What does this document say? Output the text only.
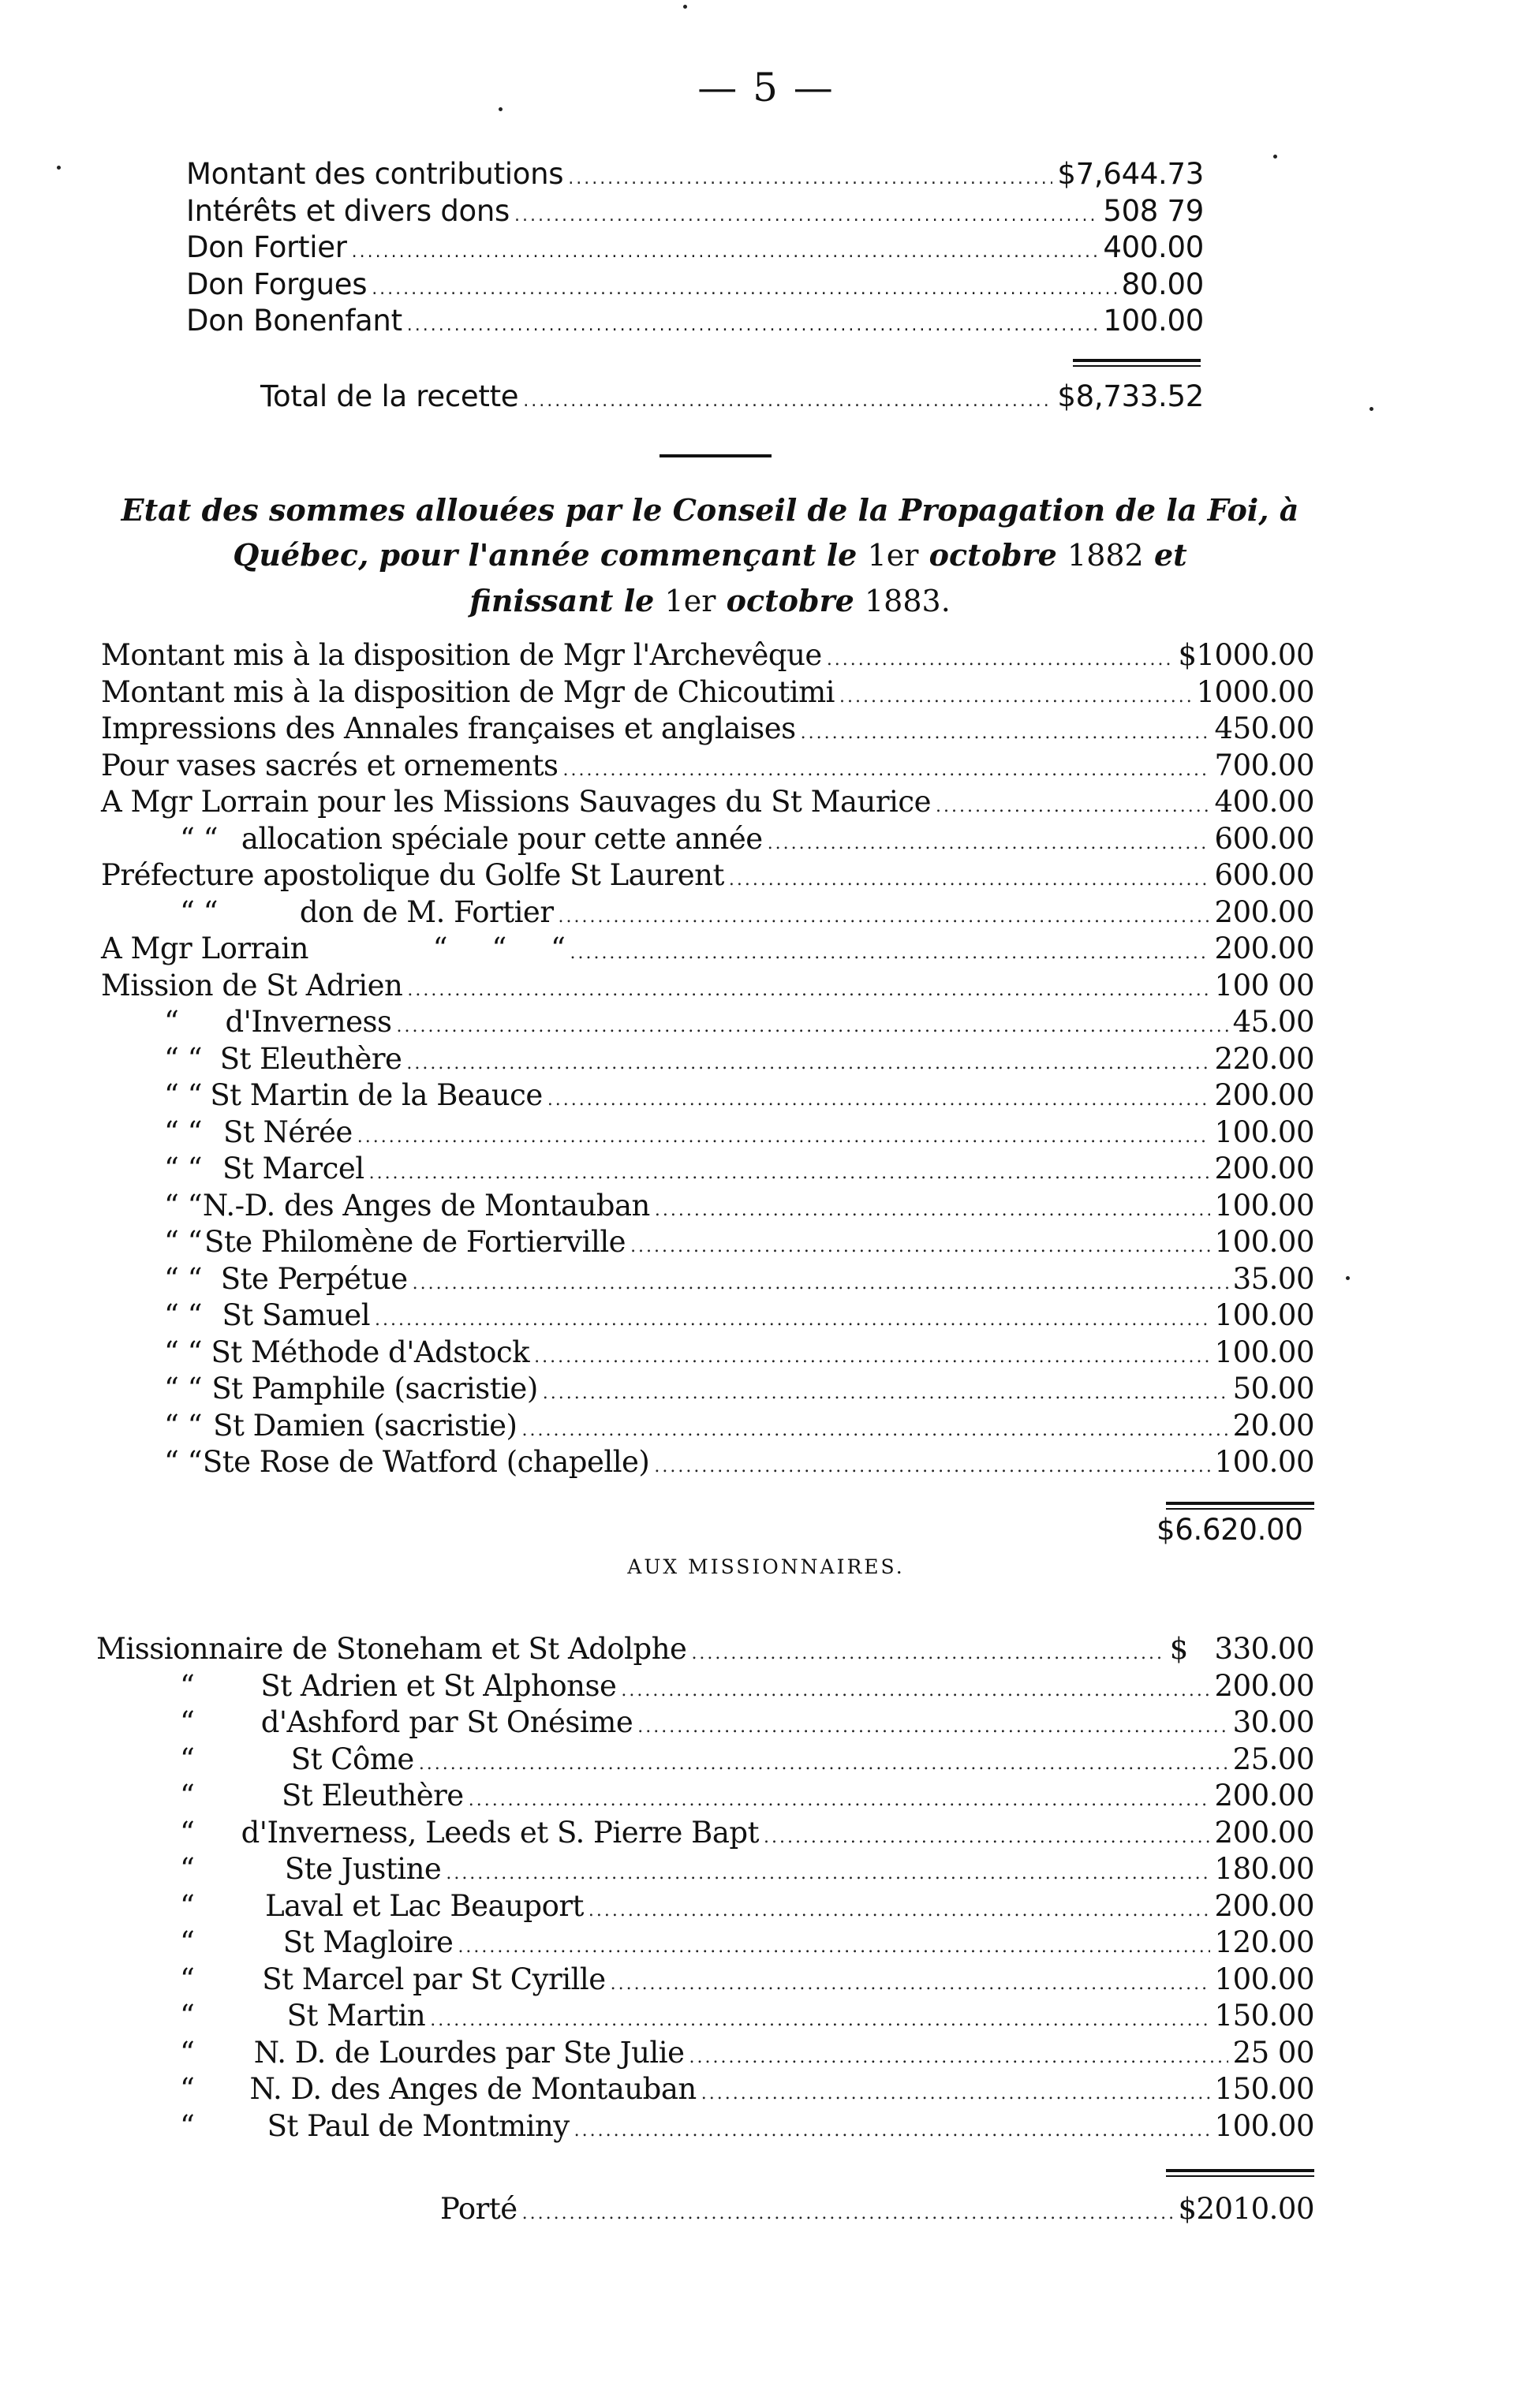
— 5 —
Montant des contributions .....	$7,644.73
Intérêts et divers dons .....	508 79
Don Fortier .....	400.00
Don Forgues .....	80.00
Don Bonenfant .....	100.00
Total de la recette .....	$8,733.52
Etat des sommes allouées par le Conseil de la Propagation de la Foi, à
Québec, pour l'année commençant le 1er octobre 1882 et
finissant le 1er octobre 1883.
Montant mis à la disposition de Mgr l'Archevêque .....	$1000.00
Montant mis à la disposition de Mgr de Chicoutimi .....	1000.00
Impressions des Annales françaises et anglaises .....	450.00
Pour vases sacrés et ornements .....	700.00
A Mgr Lorrain pour les Missions Sauvages du St Maurice .....	400.00
“ “ allocation spéciale pour cette année .....	600.00
Préfecture apostolique du Golfe St Laurent .....	600.00
“ “	don de M. Fortier .....	200.00
A Mgr Lorrain              “     “     “ .....	200.00
Mission de St Adrien .....	100 00
“	d'Inverness .....	45.00
“ “ St Eleuthère .....	220.00
“ “ St Martin de la Beauce .....	200.00
“ “ St Nérée .....	100.00
“ “ St Marcel .....	200.00
“ “ N.-D. des Anges de Montauban .....	100.00
“ “ Ste Philomène de Fortierville .....	100.00
“ “ Ste Perpétue .....	35.00
“ “ St Samuel .....	100.00
“ “ St Méthode d'Adstock .....	100.00
“ “ St Pamphile (sacristie) .....	50.00
“ “ St Damien (sacristie) .....	20.00
“ “ Ste Rose de Watford (chapelle) .....	100.00
$6.620.00
AUX MISSIONNAIRES.
Missionnaire de Stoneham et St Adolphe .....	$   330.00
“	St Adrien et St Alphonse .....	200.00
“	d'Ashford par St Onésime .....	30.00
“	St Côme .....	25.00
“	St Eleuthère .....	200.00
“	d'Inverness, Leeds et S. Pierre Bapt .....	200.00
“	Ste Justine .....	180.00
“	Laval et Lac Beauport .....	200.00
“	St Magloire .....	120.00
“	St Marcel par St Cyrille .....	100.00
“	St Martin .....	150.00
“	N. D. de Lourdes par Ste Julie .....	25 00
“	N. D. des Anges de Montauban .....	150.00
“	St Paul de Montminy .....	100.00
Porté .....	$2010.00
